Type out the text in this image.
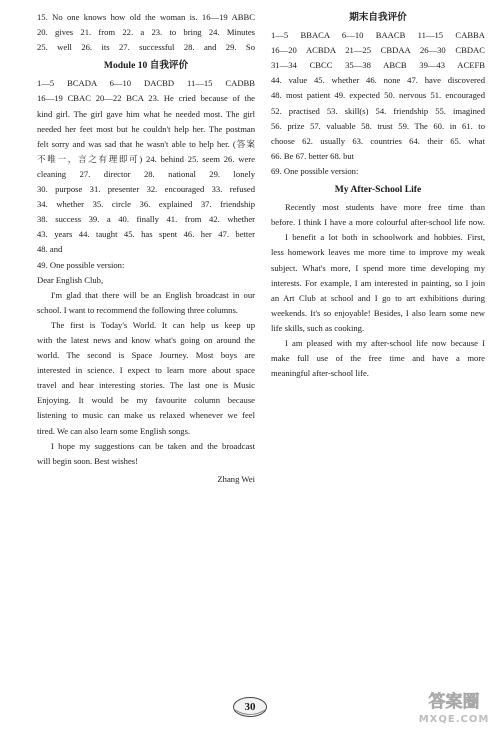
15. No one knows how old the woman is. 16—19 ABBC
20. gives 21. from 22. a 23. to bring 24. Minutes
25. well 26. its 27. successful 28. and 29. So
Module 10 自我评价
1—5 BCADA 6—10 DACBD 11—15 CADBB
16—19 CBAC 20—22 BCA 23. He cried because of the
kind girl. The girl gave him what he needed most. The girl
needed her feet most but he couldn't help her. The postman
felt sorry and was sad that he wasn't able to help her. (答案
不唯一，言之有理即可) 24. behind 25. seem 26. were
cleaning 27. director 28. national 29. lonely
30. purpose 31. presenter 32. encouraged 33. refused
34. whether 35. circle 36. explained 37. friendship
38. success 39. a 40. finally 41. from 42. whether
43. years 44. taught 45. has spent 46. her 47. better
48. and
49. One possible version:
Dear English Club,
I'm glad that there will be an English broadcast in our
school. I want to recommend the following three columns.
The first is Today's World. It can help us keep up
with the latest news and know what's going on around the
world. The second is Space Journey. Most boys are
interested in science. I expect to learn more about space
travel and hear interesting stories. The last one is Music
Enjoying. It would be my favourite column because
listening to music can make us relaxed whenever we feel
tired. We can also learn some English songs.
I hope my suggestions can be taken and the broadcast
will begin soon. Best wishes!
Zhang Wei
期末自我评价
1—5 BBACA 6—10 BAACB 11—15 CABBA
16—20 ACBDA 21—25 CBDAA 26—30 CBDAC
31—34 CBCC 35—38 ABCB 39—43 ACEFB
44. value 45. whether 46. none 47. have discovered
48. most patient 49. expected 50. nervous 51. encouraged
52. practised 53. skill(s) 54. friendship 55. imagined
56. prize 57. valuable 58. trust 59. The 60. in 61. to
choose 62. usually 63. countries 64. their 65. what
66. Be 67. better 68. but
69. One possible version:
My After-School Life
Recently most students have more free time than
before. I think I have a more colourful after-school life now.
I benefit a lot both in schoolwork and hobbies. First,
less homework leaves me more time to improve my weak
subject. What's more, I spend more time developing my
interests. For example, I am interested in painting, so I join
an Art Club at school and I go to art exhibitions during
weekends. It's so enjoyable! Besides, I also learn some new
life skills, such as cooking.
I am pleased with my after-school life now because I
make full use of the free time and have a more
meaningful after-school life.
30	答案圈
MXQE.COM
